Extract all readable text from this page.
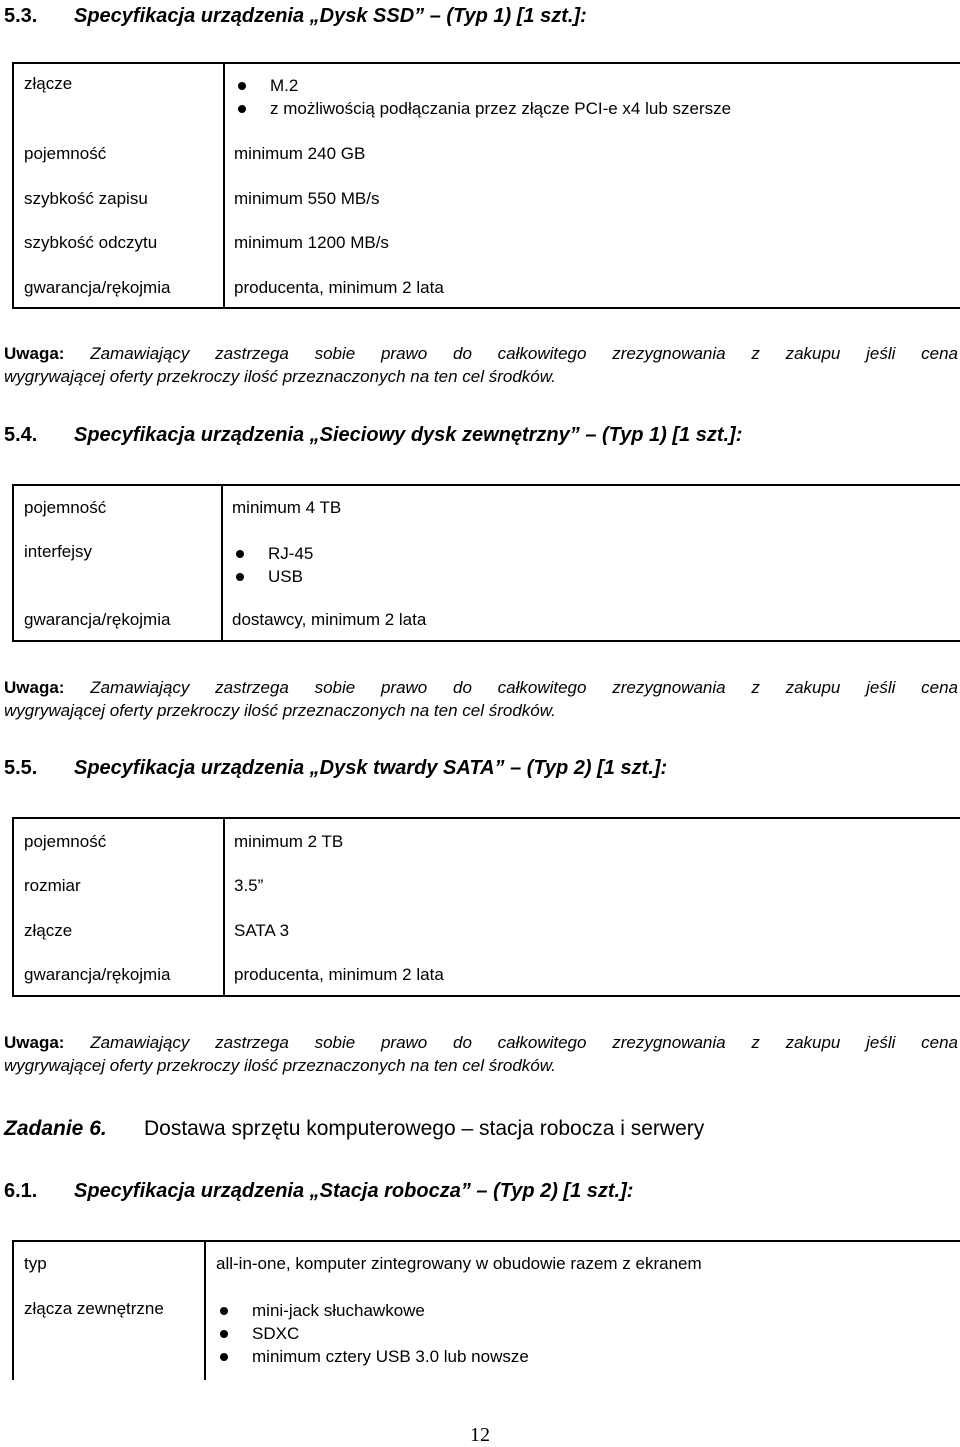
5.3. Specyfikacja urządzenia „Dysk SSD” – (Typ 1) [1 szt.]:
złącze	M.2
z możliwością podłączania przez złącze PCI-e x4 lub szersze
pojemność	minimum 240 GB
szybkość zapisu	minimum 550 MB/s
szybkość odczytu	minimum 1200 MB/s
gwarancja/rękojmia	producenta, minimum 2 lata
Uwaga: Zamawiający zastrzega sobie prawo do całkowitego zrezygnowania z zakupu jeśli cena
wygrywającej oferty przekroczy ilość przeznaczonych na ten cel środków.
5.4. Specyfikacja urządzenia „Sieciowy dysk zewnętrzny” – (Typ 1) [1 szt.]:
pojemność	minimum 4 TB
interfejsy	RJ-45
USB
gwarancja/rękojmia	dostawcy, minimum 2 lata
Uwaga: Zamawiający zastrzega sobie prawo do całkowitego zrezygnowania z zakupu jeśli cena
wygrywającej oferty przekroczy ilość przeznaczonych na ten cel środków.
5.5. Specyfikacja urządzenia „Dysk twardy SATA” – (Typ 2) [1 szt.]:
pojemność	minimum 2 TB
rozmiar	3.5”
złącze	SATA 3
gwarancja/rękojmia	producenta, minimum 2 lata
Uwaga: Zamawiający zastrzega sobie prawo do całkowitego zrezygnowania z zakupu jeśli cena
wygrywającej oferty przekroczy ilość przeznaczonych na ten cel środków.
Zadanie 6. Dostawa sprzętu komputerowego – stacja robocza i serwery
6.1. Specyfikacja urządzenia „Stacja robocza” – (Typ 2) [1 szt.]:
typ	all-in-one, komputer zintegrowany w obudowie razem z ekranem
złącza zewnętrzne	mini-jack słuchawkowe
SDXC
minimum cztery USB 3.0 lub nowsze
12
